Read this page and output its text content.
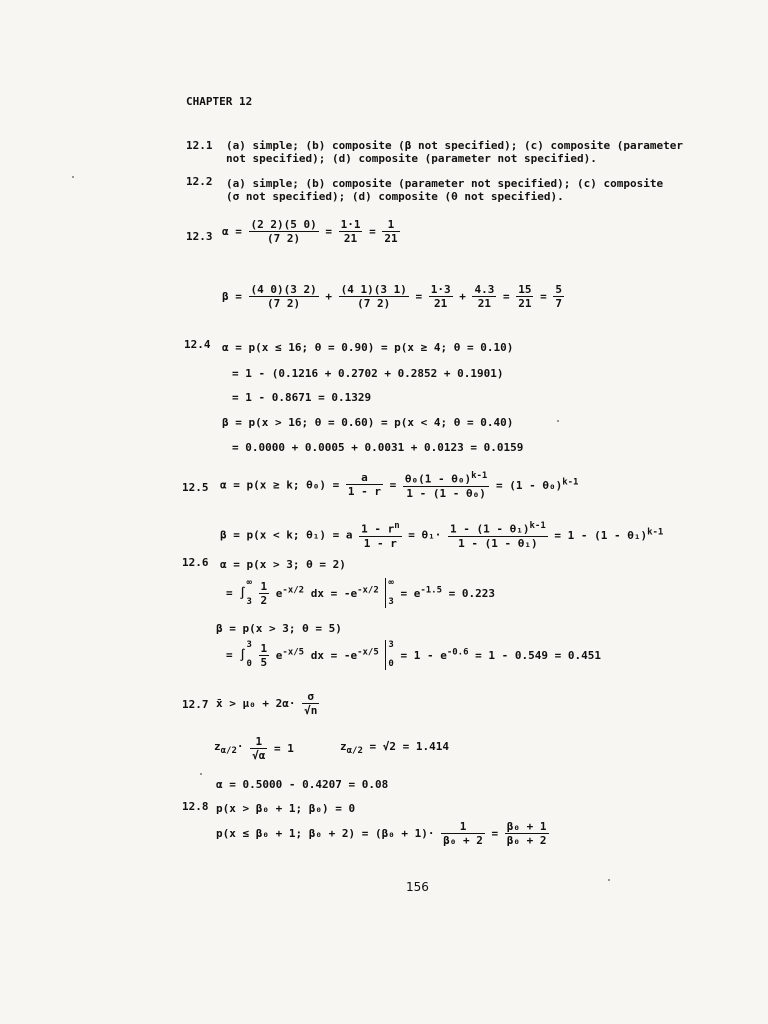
CHAPTER 12
12.1 (a) simple; (b) composite (β not specified); (c) composite (parameter
not specified); (d) composite (parameter not specified).
12.2 (a) simple; (b) composite (parameter not specified); (c) composite
(σ not specified); (d) composite (θ not specified).
12.3 $\alpha = \frac{(2 2)(5 0)}{(7 2)} = \frac{1\cdot 1}{21} = \frac{1}{21}$
$\beta = \frac{(4 0)(3 2)}{(7 2)} + \frac{(4 1)(3 1)}{(7 2)} = \frac{1\cdot 3}{21} + \frac{4.3}{21} = \frac{15}{21} = \frac{5}{7}$
12.4 α = p(x ≤ 16; θ = 0.90) = p(x ≥ 4; θ = 0.10)
= 1 - (0.1216 + 0.2702 + 0.2852 + 0.1901)
= 1 - 0.8671 = 0.1329
β = p(x > 16; θ = 0.60) = p(x < 4; θ = 0.40)
= 0.0000 + 0.0005 + 0.0031 + 0.0123 = 0.0159
12.5 α = p(x ≥ k; $\theta_0) = \frac{a}{1 - r} = \frac{\theta_0(1 - \theta_0)^{k-1}}{\text{1 - (1 - θ₀)}} = (1 - \theta_0)^{k-1}$
β = p(x < k; θ₁) = a $\frac{1 - r^n}{1 - r} = \theta_1\cdot \frac{1 - (1 - \theta_1)^{k-1}}{\text{1 - (1 - θ₁)}} = 1 - (1 - \theta_1)^{k-1}$
12.6 α = p(x > 3; θ = 2)
= ∫
∞
3
$\frac{1}{2} e^{-x/2}$ dx = $-e^{-x/2}$
∞
3
= $e^{-1.5} = 0.223$
β = p(x > 3; θ = 5)
= ∫
3
0
$\frac{1}{5} e^{-x/5}$ dx = $-e^{-x/5}$
3
0
= $1 - e^{-0.6} = 1 - 0.549 = 0.451$
12.7 x̄ > $\mu_0 + 2\alpha\cdot \frac{\sigma}{√n}$
$z_{\alpha/2}\cdot \frac{1}{√\alpha} = 1$	$z_{\alpha/2} = √2 = 1.414$
α = 0.5000 - 0.4207 = 0.08
12.8 p(x > β₀ + 1; β₀) = 0
p(x ≤ β₀ + 1; $\beta_0 + 2) = (\beta_0 + 1)\cdot \frac{1}{\text{β₀ + 2}} = \frac{\text{β₀ + 1}}{\text{β₀ + 2}}$
156
